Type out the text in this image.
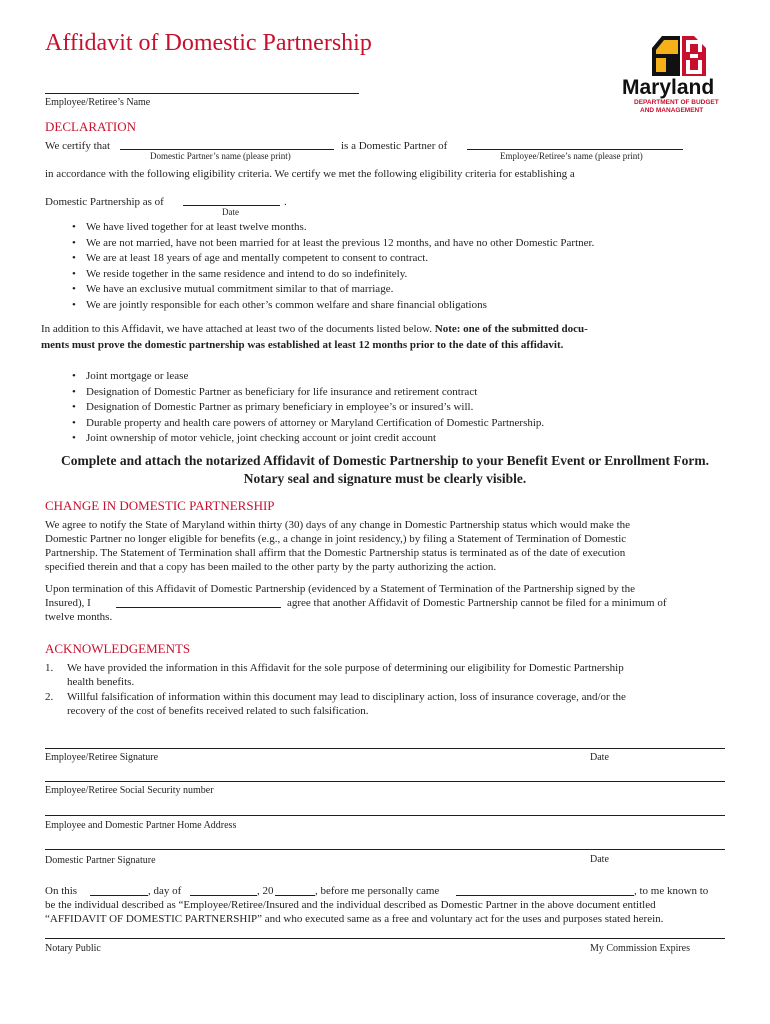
Affidavit of Domestic Partnership
Maryland
DEPARTMENT OF BUDGET
AND MANAGEMENT
Employee/Retiree’s Name
DECLARATION
We certify that
Domestic Partner’s name (please print)
is a Domestic Partner of
Employee/Retiree’s name (please print)
in accordance with the following eligibility criteria. We certify we met the following eligibility criteria for establishing a
Domestic Partnership as of	.
Date
• We have lived together for at least twelve months.
• We are not married, have not been married for at least the previous 12 months, and have no other Domestic Partner.
• We are at least 18 years of age and mentally competent to consent to contract.
• We reside together in the same residence and intend to do so indefinitely.
• We have an exclusive mutual commitment similar to that of marriage.
• We are jointly responsible for each other’s common welfare and share financial obligations
In addition to this Affidavit, we have attached at least two of the documents listed below. Note: one of the submitted docu-
ments must prove the domestic partnership was established at least 12 months prior to the date of this affidavit.
• Joint mortgage or lease
• Designation of Domestic Partner as beneficiary for life insurance and retirement contract
• Designation of Domestic Partner as primary beneficiary in employee’s or insured’s will.
• Durable property and health care powers of attorney or Maryland Certification of Domestic Partnership.
• Joint ownership of motor vehicle, joint checking account or joint credit account
Complete and attach the notarized Affidavit of Domestic Partnership to your Benefit Event or Enrollment Form.
Notary seal and signature must be clearly visible.
CHANGE IN DOMESTIC PARTNERSHIP
We agree to notify the State of Maryland within thirty (30) days of any change in Domestic Partnership status which would make the
Domestic Partner no longer eligible for benefits (e.g., a change in joint residency,) by filing a Statement of Termination of Domestic
Partnership. The Statement of Termination shall affirm that the Domestic Partnership status is terminated as of the date of execution
specified therein and that a copy has been mailed to the other party by the party authorizing the action.
Upon termination of this Affidavit of Domestic Partnership (evidenced by a Statement of Termination of the Partnership signed by the
Insured), I	agree that another Affidavit of Domestic Partnership cannot be filed for a minimum of
twelve months.
ACKNOWLEDGEMENTS
1. We have provided the information in this Affidavit for the sole purpose of determining our eligibility for Domestic Partnership
health benefits.
2. Willful falsification of information within this document may lead to disciplinary action, loss of insurance coverage, and/or the
recovery of the cost of benefits received related to such falsification.
Employee/Retiree Signature	Date
Employee/Retiree Social Security number
Employee and Domestic Partner Home Address
Domestic Partner Signature	Date
On this	, day of	, 20	, before me personally came	, to me known to
be the individual described as “Employee/Retiree/Insured and the individual described as Domestic Partner in the above document entitled
“AFFIDAVIT OF DOMESTIC PARTNERSHIP” and who executed same as a free and voluntary act for the uses and purposes stated herein.
Notary Public	My Commission Expires
